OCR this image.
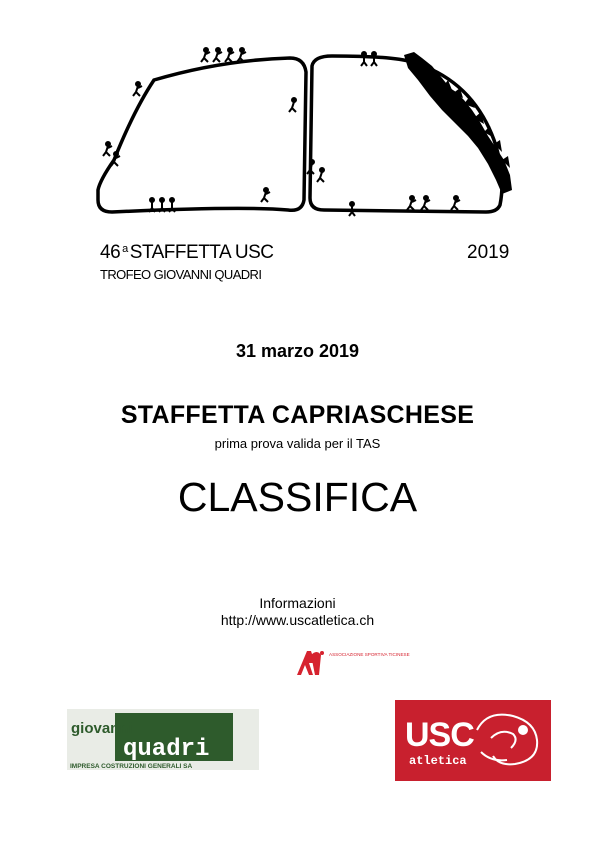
46 $^a$ STAFFETTA USC	2019
TROFEO GIOVANNI QUADRI
31 marzo 2019
STAFFETTA CAPRIASCHESE
prima prova valida per il TAS
CLASSIFICA
Informazioni
http://www.uscatletica.ch
ASSOCIAZIONE SPORTIVA TICINESE
giovanni
quadri
IMPRESA COSTRUZIONI GENERALI SA
USC
atletica
